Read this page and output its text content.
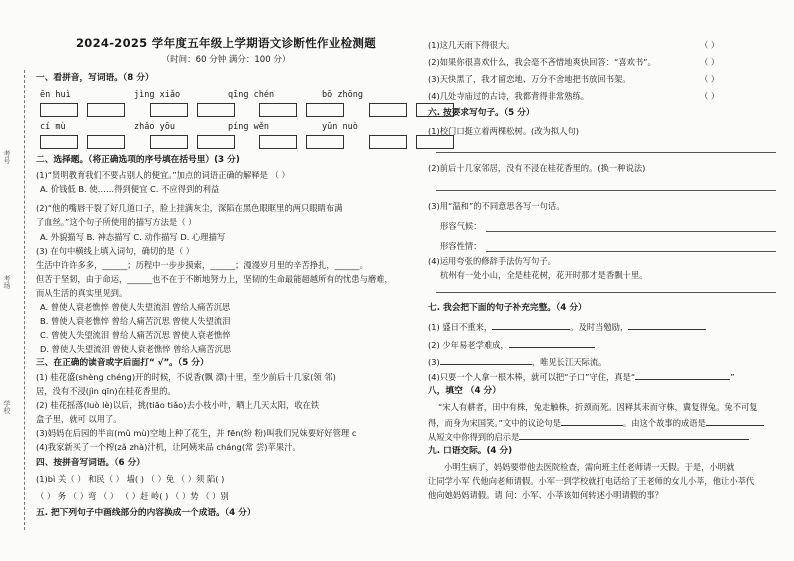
考号
考场
学校
2024-2025 学年度五年级上学期语文诊断性作业检测题
（时间：60 分钟 满分：100 分）
一、看拼音，写词语。（8 分）
ēn huì	jìng xiǎo	qīng chén	bō zhōng

cí mù	zhǎo yōu	píng wěn	yūn nuò

二、选择题。（将正确选项的序号填在括号里）(3 分)
(1)“贤明教育我们不要占别人的便宜。”加点的词语正确的解释是 （ ）
A. 价钱低 B. 使……得到便宜 C. 不应得到的利益
(2)“他的嘴唇干裂了好几道口子，脸上挂满灰尘，深陷在黑色眼眶里的两只眼睛布满
了血丝。”这个句子所使用的描写方法是（ ）
A. 外貌描写 B. 神态描写 C. 动作描写 D. 心理描写
(3) 在句中横线上填入词句，确切的是（ ）
生活中许许多多，______；历程中一步步摸索，______；漫漫岁月里的辛苦挣扎，______。
但苦于坚韧，由于命运，______也不在于不断地努力上，坚韧的生命最能超越所有的忧患与磨难，
而从生活的真实里见到。
A. 曾使人衰老憔悴 曾使人失望流泪 曾给人痛苦沉思
B. 曾使人衰老憔悴 曾给人痛苦沉思 曾使人失望流泪
C. 曾使人失望流泪 曾给人痛苦沉思 曾使人衰老憔悴
D. 曾使人失望流泪 曾使人衰老憔悴 曾给人痛苦沉思
三、在正确的读音或字后面打“ √”。（5 分）
(1) 桂花盛(shèng chéng)开的时候，不说香(飘 漂)十里，至少前后十几家(领 邻)
居，没有不浸(jìn qīn)在桂花香里的。
(2) 桂花摇落(luò lè)以后，挑(tiāo tiǎo)去小枝小叶，晒上几天太阳，收在铁
盒子里，就可 以用了。
(3)妈妈在后园的半亩(mǔ mù)空地上种了花生，并 fēn(纷 粉)叫我们兄妹要好好管理 c
(4)我家新买了一个榨(zǎ zhà)汁机，让阿姨来品 cháng(常 尝)苹果汁。
四、按拼音写词语。（6 分）
(1)bì 关（ ） 和民（ ） 墙( ) （ ）免 （ ）须 陷( )
（ ） 务 （ ）弯 （ ） （ ）赶 岭( ) （ ）势 （ ）别
五. 把下列句子中画线部分的内容换成一个成语。（4 分）
(1)这几天雨下得很大。	（ ）
(2)如果你很喜欢什么，我会毫不吝惜地爽快回答：“喜欢书”。	（ ）
(3)天快黑了，我才留恋地、万分不舍地把书放回书架。	（ ）
(4)几处寺庙过的古诗，我都背得非常熟练。	（ ）
六. 按要求写句子。（5 分）
(1)校门口挺立着两棵松树。(改为拟人句)
(2)前后十几家邻居，没有不浸在桂花香里的。(换一种说法)
(3)用“温和”的不同意思各写一句话。
形容气候：
形容性情：
(4)运用夸张的修辞手法仿写句子。
杭州有一处小山，全是桂花树，花开时那才是香飘十里。
七. 我会把下面的句子补充完整。（4 分）
(1) 盛日不重来，	。及时当勉励，
(2) 少年易老学难成，
(3)	，唯见长江天际流。
(4)只要一个人拿一根木棒，就可以把“子口”守住，真是“	”
八，填空 （4 分）
“宋人有耕者，田中有株，兔走触株，折颈而死。因释其耒而守株，冀复得兔。兔不可复
得，而身为宋国笑。”文中的议论句是	。由这个故事的成语是
从短文中你得到的启示是
九. 口语交际。(4 分)
小明生病了，妈妈要带他去医院检查，需向班主任老师请一天假。于是，小明就
让同学小军 代他向老师请假。小军一到学校就打电话给了王老师的女儿小莘，他让小莘代
他向她妈妈请假。请 问：小军、小莘该如何转述小明请假的事？
